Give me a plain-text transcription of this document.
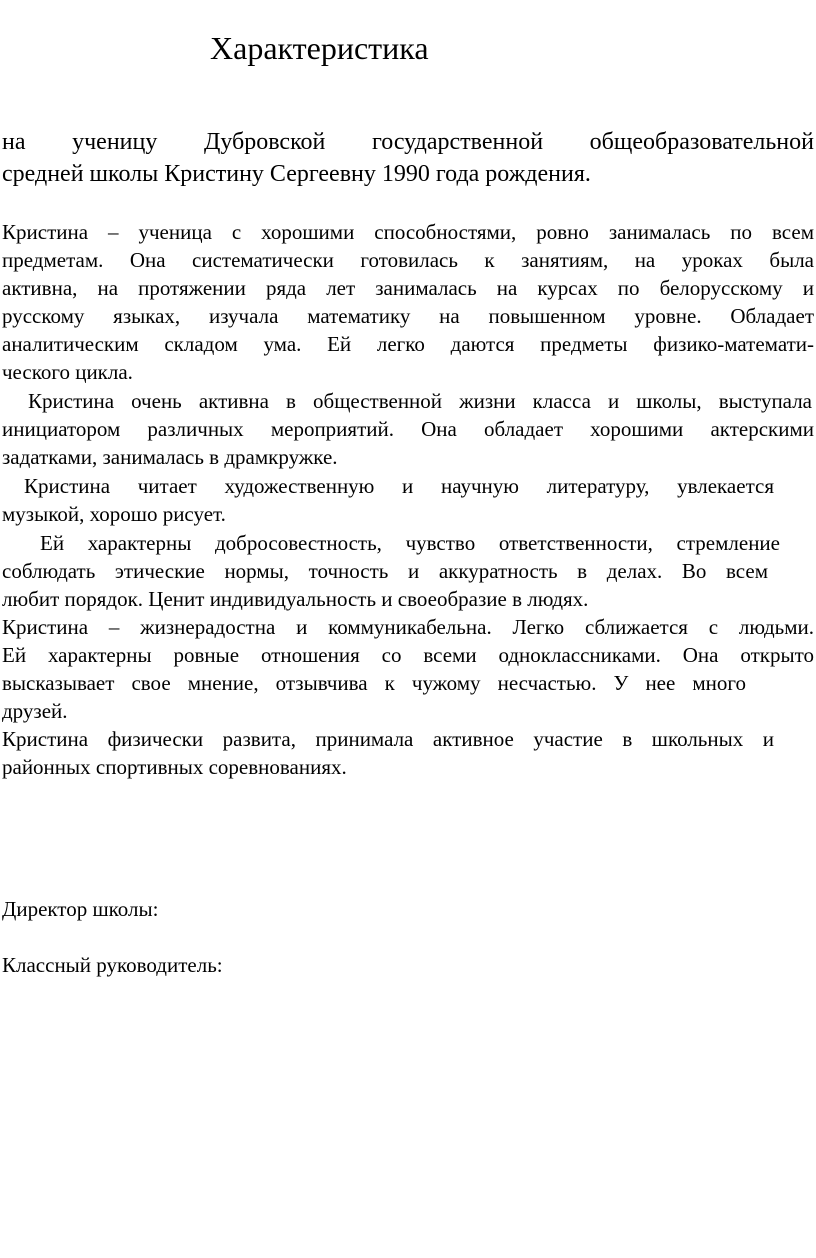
Характеристика

на ученицу Дубровской государственной общеобразовательной

средней школы Кристину Сергеевну 1990 года рождения.

Кристина – ученица с хорошими способностями, ровно занималась по всем

предметам. Она систематически готовилась к занятиям, на уроках была

активна, на протяжении ряда лет занималась на курсах по белорусскому и

русскому языках, изучала математику на повышенном уровне. Обладает

аналитическим складом ума. Ей легко даются предметы физико-математи-

ческого цикла.

Кристина очень активна в общественной жизни класса и школы, выступала

инициатором различных мероприятий. Она обладает хорошими актерскими

задатками, занималась в драмкружке.

Кристина читает художественную и научную литературу, увлекается

музыкой, хорошо рисует.

Ей характерны добросовестность, чувство ответственности, стремление

соблюдать этические нормы, точность и аккуратность в делах. Во всем

любит порядок. Ценит индивидуальность и своеобразие в людях.

Кристина – жизнерадостна и коммуникабельна. Легко сближается с людьми.

Ей характерны ровные отношения со всеми одноклассниками. Она открыто

высказывает свое мнение, отзывчива к чужому несчастью. У нее много

друзей.

Кристина физически развита, принимала активное участие в школьных и

районных спортивных соревнованиях.

Директор школы:

Классный руководитель:
